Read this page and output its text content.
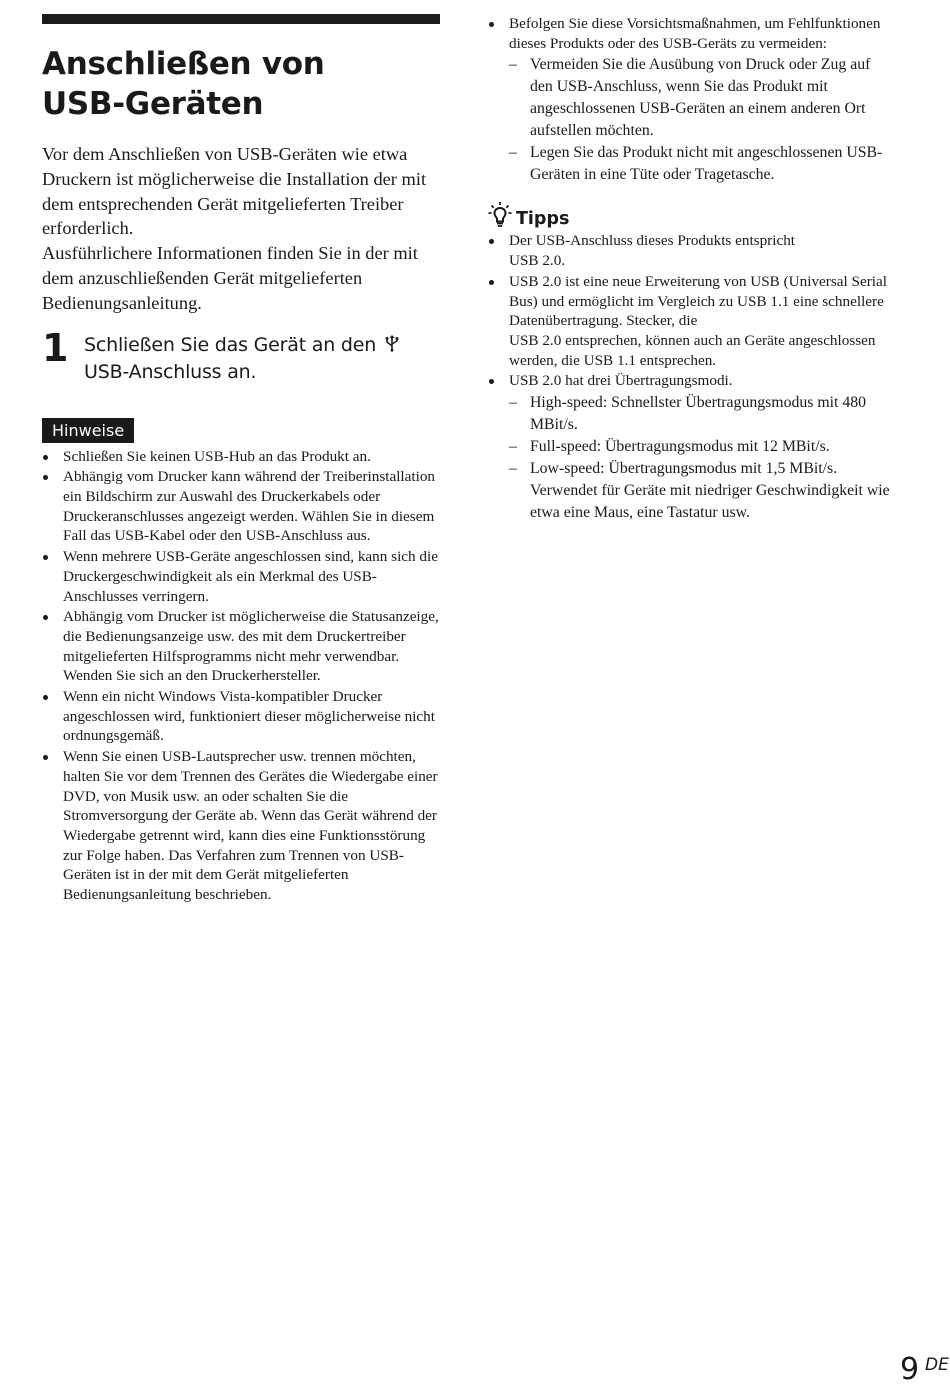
Anschließen von
USB-Geräten

Vor dem Anschließen von USB-Geräten wie etwa Druckern ist möglicherweise die Installation der mit dem entsprechenden Gerät mitgelieferten Treiber erforderlich.

Ausführlichere Informationen finden Sie in der mit dem anzuschließenden Gerät mitgelieferten Bedienungsanleitung.

1 Schließen Sie das Gerät an den  USB-Anschluss an.
Hinweise
Schließen Sie keinen USB-Hub an das Produkt an.
Abhängig vom Drucker kann während der Treiberinstallation ein Bildschirm zur Auswahl des Druckerkabels oder Druckeranschlusses angezeigt werden. Wählen Sie in diesem Fall das USB-Kabel oder den USB-Anschluss aus.
Wenn mehrere USB-Geräte angeschlossen sind, kann sich die Druckergeschwindigkeit als ein Merkmal des USB-Anschlusses verringern.
Abhängig vom Drucker ist möglicherweise die Statusanzeige, die Bedienungsanzeige usw. des mit dem Druckertreiber mitgelieferten Hilfsprogramms nicht mehr verwendbar. Wenden Sie sich an den Druckerhersteller.
Wenn ein nicht Windows Vista-kompatibler Drucker angeschlossen wird, funktioniert dieser möglicherweise nicht ordnungsgemäß.
Wenn Sie einen USB-Lautsprecher usw. trennen möchten, halten Sie vor dem Trennen des Gerätes die Wiedergabe einer DVD, von Musik usw. an oder schalten Sie die Stromversorgung der Geräte ab. Wenn das Gerät während der Wiedergabe getrennt wird, kann dies eine Funktionsstörung zur Folge haben. Das Verfahren zum Trennen von USB-Geräten ist in der mit dem Gerät mitgelieferten Bedienungsanleitung beschrieben.
Befolgen Sie diese Vorsichtsmaßnahmen, um Fehlfunktionen dieses Produkts oder des USB-Geräts zu vermeiden:
– Vermeiden Sie die Ausübung von Druck oder Zug auf den USB-Anschluss, wenn Sie das Produkt mit angeschlossenen USB-Geräten an einem anderen Ort aufstellen möchten.
– Legen Sie das Produkt nicht mit angeschlossenen USB-Geräten in eine Tüte oder Tragetasche.
Tipps
Der USB-Anschluss dieses Produkts entspricht
USB 2.0.
USB 2.0 ist eine neue Erweiterung von USB (Universal Serial Bus) und ermöglicht im Vergleich zu USB 1.1 eine schnellere Datenübertragung. Stecker, die
USB 2.0 entsprechen, können auch an Geräte angeschlossen werden, die USB 1.1 entsprechen.
USB 2.0 hat drei Übertragungsmodi.
– High-speed: Schnellster Übertragungsmodus mit 480 MBit/s.
– Full-speed: Übertragungsmodus mit 12 MBit/s.
– Low-speed: Übertragungsmodus mit 1,5 MBit/s. Verwendet für Geräte mit niedriger Geschwindigkeit wie etwa eine Maus, eine Tastatur usw.
9 DE
